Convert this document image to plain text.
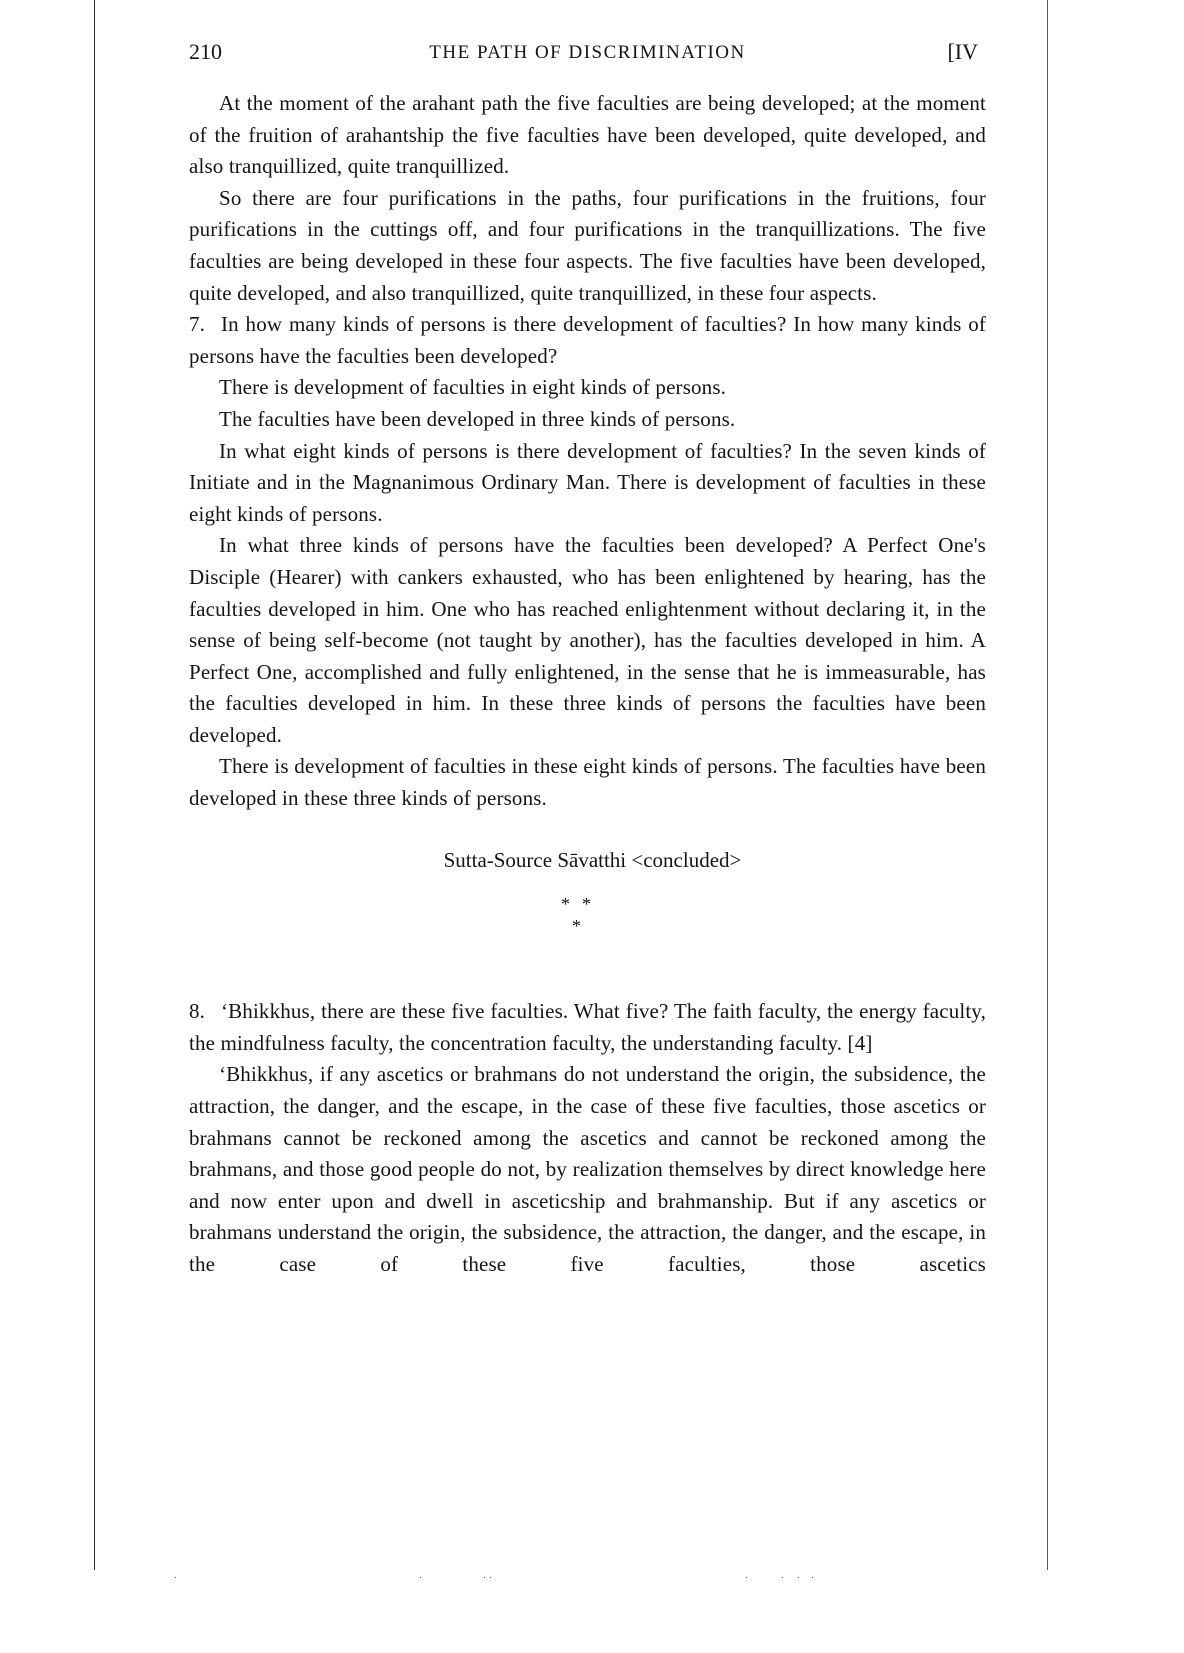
210	THE PATH OF DISCRIMINATION	[IV

At the moment of the arahant path the five faculties are being developed; at the moment of the fruition of arahantship the five faculties have been developed, quite developed, and also tranquillized, quite tranquillized.

So there are four purifications in the paths, four purifications in the fruitions, four purifications in the cuttings off, and four purifications in the tranquillizations. The five faculties are being developed in these four aspects. The five faculties have been developed, quite developed, and also tranquillized, quite tranquillized, in these four aspects.

7. In how many kinds of persons is there development of faculties? In how many kinds of persons have the faculties been developed?

There is development of faculties in eight kinds of persons.

The faculties have been developed in three kinds of persons.

In what eight kinds of persons is there development of faculties? In the seven kinds of Initiate and in the Magnanimous Ordinary Man. There is development of faculties in these eight kinds of persons.

In what three kinds of persons have the faculties been developed? A Perfect One's Disciple (Hearer) with cankers exhausted, who has been enlightened by hearing, has the faculties developed in him. One who has reached enlightenment without declaring it, in the sense of being self-become (not taught by another), has the faculties developed in him. A Perfect One, accomplished and fully enlightened, in the sense that he is immeasurable, has the faculties developed in him. In these three kinds of persons the faculties have been developed.

There is development of faculties in these eight kinds of persons. The faculties have been developed in these three kinds of persons.

Sutta-Source Sāvatthi <concluded>
* *
*

8. ‘Bhikkhus, there are these five faculties. What five? The faith faculty, the energy faculty, the mindfulness faculty, the concentration faculty, the understanding faculty. [4]

‘Bhikkhus, if any ascetics or brahmans do not understand the origin, the subsidence, the attraction, the danger, and the escape, in the case of these five faculties, those ascetics or brahmans cannot be reckoned among the ascetics and cannot be reckoned among the brahmans, and those good people do not, by realization themselves by direct knowledge here and now enter upon and dwell in asceticship and brahmanship. But if any ascetics or brahmans understand the origin, the subsidence, the attraction, the danger, and the escape, in the case of these five faculties, those ascetics
